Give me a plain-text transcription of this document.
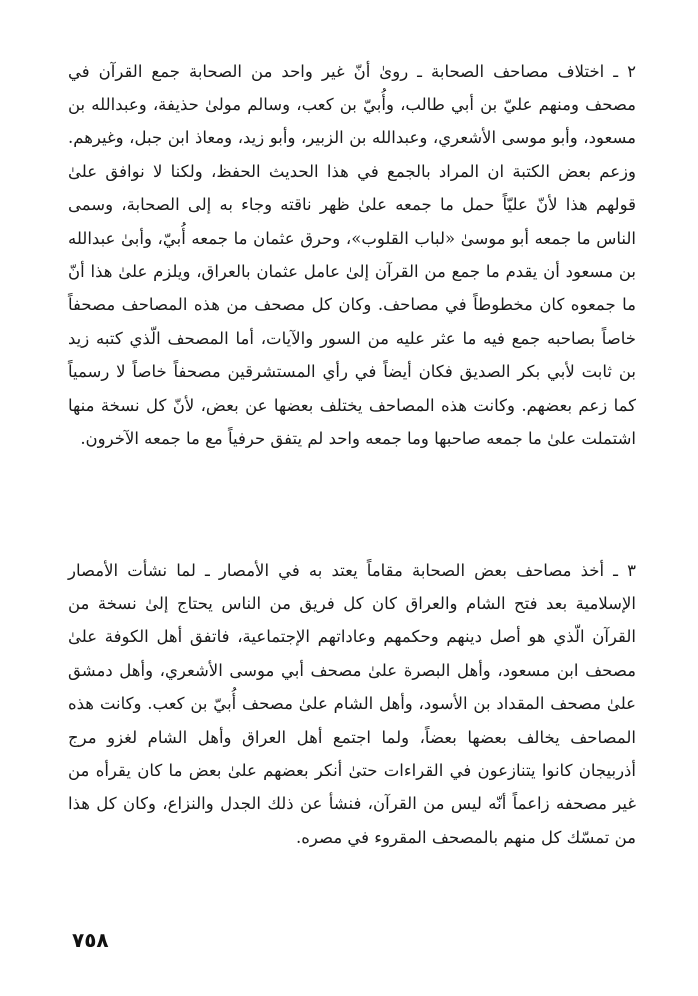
٢ ـ اختلاف مصاحف الصحابة ـ روىٰ أنّ غير واحد من الصحابة جمع القرآن في مصحف ومنهم عليّ بن أبي طالب، وأُبيّ بن كعب، وسالم مولىٰ حذيفة، وعبدالله بن مسعود، وأبو موسى الأشعري، وعبدالله بن الزبير، وأبو زيد، ومعاذ ابن جبل، وغيرهم. وزعم بعض الكتبة ان المراد بالجمع في هذا الحديث الحفظ، ولكنا لا نوافق علىٰ قولهم هذا لأنّ عليّاً حمل ما جمعه علىٰ ظهر ناقته وجاء به إلى الصحابة، وسمى الناس ما جمعه أبو موسىٰ «لباب القلوب»، وحرق عثمان ما جمعه أُبيّ، وأبىٰ عبدالله بن مسعود أن يقدم ما جمع من القرآن إلىٰ عامل عثمان بالعراق، ويلزم علىٰ هذا أنّ ما جمعوه كان مخطوطاً في مصاحف. وكان كل مصحف من هذه المصاحف مصحفاً خاصاً بصاحبه جمع فيه ما عثر عليه من السور والآيات، أما المصحف الّذي كتبه زيد بن ثابت لأبي بكر الصديق فكان أيضاً في رأي المستشرقين مصحفاً خاصاً لا رسمياً كما زعم بعضهم. وكانت هذه المصاحف يختلف بعضها عن بعض، لأنّ كل نسخة منها اشتملت علىٰ ما جمعه صاحبها وما جمعه واحد لم يتفق حرفياً مع ما جمعه الآخرون.

٣ ـ أخذ مصاحف بعض الصحابة مقاماً يعتد به في الأمصار ـ لما نشأت الأمصار الإسلامية بعد فتح الشام والعراق كان كل فريق من الناس يحتاج إلىٰ نسخة من القرآن الّذي هو أصل دينهم وحكمهم وعاداتهم الإجتماعية، فاتفق أهل الكوفة علىٰ مصحف ابن مسعود، وأهل البصرة علىٰ مصحف أبي موسى الأشعري، وأهل دمشق علىٰ مصحف المقداد بن الأسود، وأهل الشام علىٰ مصحف أُبيّ بن كعب. وكانت هذه المصاحف يخالف بعضها بعضاً، ولما اجتمع أهل العراق وأهل الشام لغزو مرج أذربيجان كانوا يتنازعون في القراءات حتىٰ أنكر بعضهم علىٰ بعض ما كان يقرأه من غير مصحفه زاعماً أنّه ليس من القرآن، فنشأ عن ذلك الجدل والنزاع، وكان كل هذا من تمسّك كل منهم بالمصحف المقروء في مصره.

٧٥٨
